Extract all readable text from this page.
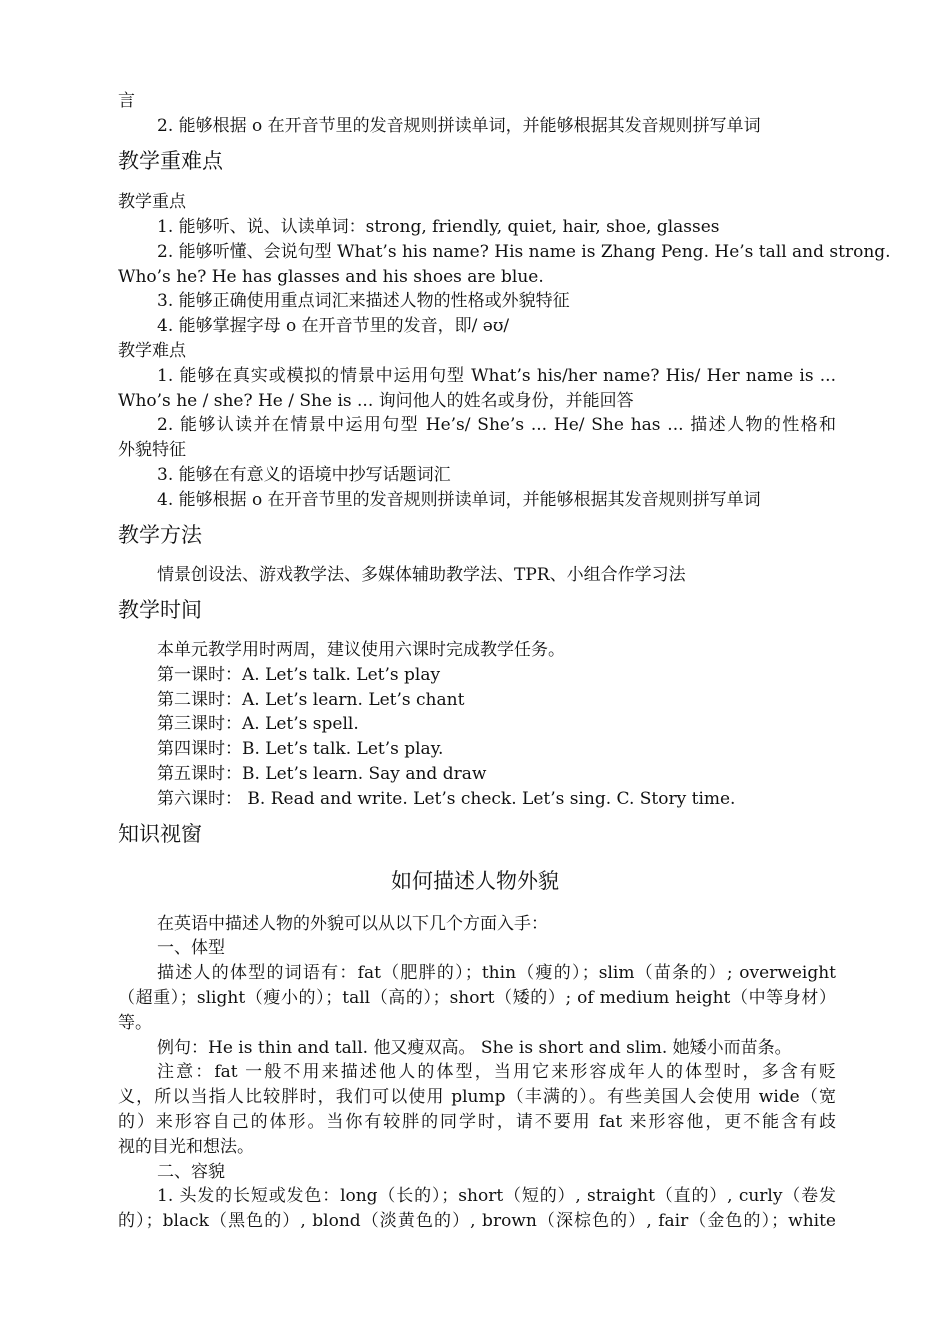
言
2. 能够根据 o 在开音节里的发音规则拼读单词，并能够根据其发音规则拼写单词
教学重难点
教学重点
1. 能够听、说、认读单词：strong, friendly, quiet, hair, shoe, glasses
2. 能够听懂、会说句型 What’s his name? His name is Zhang Peng. He’s tall and strong.
Who’s he? He has glasses and his shoes are blue.
3. 能够正确使用重点词汇来描述人物的性格或外貌特征
4. 能够掌握字母 o 在开音节里的发音，即/ əʊ/
教学难点
1. 能够在真实或模拟的情景中运用句型 What’s his/her name? His/ Her name is ...
Who’s he / she? He / She is ... 询问他人的姓名或身份，并能回答
2. 能够认读并在情景中运用句型 He’s/ She’s ... He/ She has ... 描述人物的性格和
外貌特征
3. 能够在有意义的语境中抄写话题词汇
4. 能够根据 o 在开音节里的发音规则拼读单词，并能够根据其发音规则拼写单词
教学方法
情景创设法、游戏教学法、多媒体辅助教学法、TPR、小组合作学习法
教学时间
本单元教学用时两周，建议使用六课时完成教学任务。
第一课时：A. Let’s talk. Let’s play
第二课时：A. Let’s learn. Let’s chant
第三课时：A. Let’s spell.
第四课时：B. Let’s talk. Let’s play.
第五课时：B. Let’s learn. Say and draw
第六课时： B. Read and write. Let’s check. Let’s sing. C. Story time.
知识视窗
如何描述人物外貌
在英语中描述人物的外貌可以从以下几个方面入手：
一、体型
描述人的体型的词语有：fat（肥胖的）；thin（瘦的）；slim（苗条的）; overweight
（超重）；slight（瘦小的）；tall（高的）；short（矮的）; of medium height（中等身材）
等。
例句：He is thin and tall. 他又瘦双高。 She is short and slim. 她矮小而苗条。
注意：fat 一般不用来描述他人的体型，当用它来形容成年人的体型时，多含有贬
义，所以当指人比较胖时，我们可以使用 plump（丰满的）。有些美国人会使用 wide（宽
的）来形容自己的体形。当你有较胖的同学时，请不要用 fat 来形容他，更不能含有歧
视的目光和想法。
二、容貌
1. 头发的长短或发色：long（长的）；short（短的）, straight（直的）, curly（卷发
的）；black（黑色的）, blond（淡黄色的）, brown（深棕色的）, fair（金色的）；white
